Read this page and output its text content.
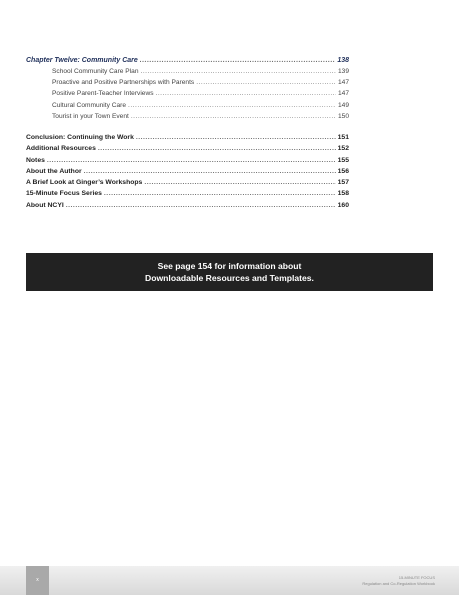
Chapter Twelve: Community Care .....	138
School Community Care Plan .....	139
Proactive and Positive Partnerships with Parents .....	147
Positive Parent-Teacher Interviews .....	147
Cultural Community Care .....	149
Tourist in your Town Event .....	150
Conclusion: Continuing the Work .....	151
Additional Resources .....	152
Notes .....	155
About the Author .....	156
A Brief Look at Ginger’s Workshops .....	157
15-Minute Focus Series .....	158
About NCYI .....	160
See page 154 for information about
Downloadable Resources and Templates.
x	15-MINUTE FOCUS
Regulation and Co-Regulation Workbook
